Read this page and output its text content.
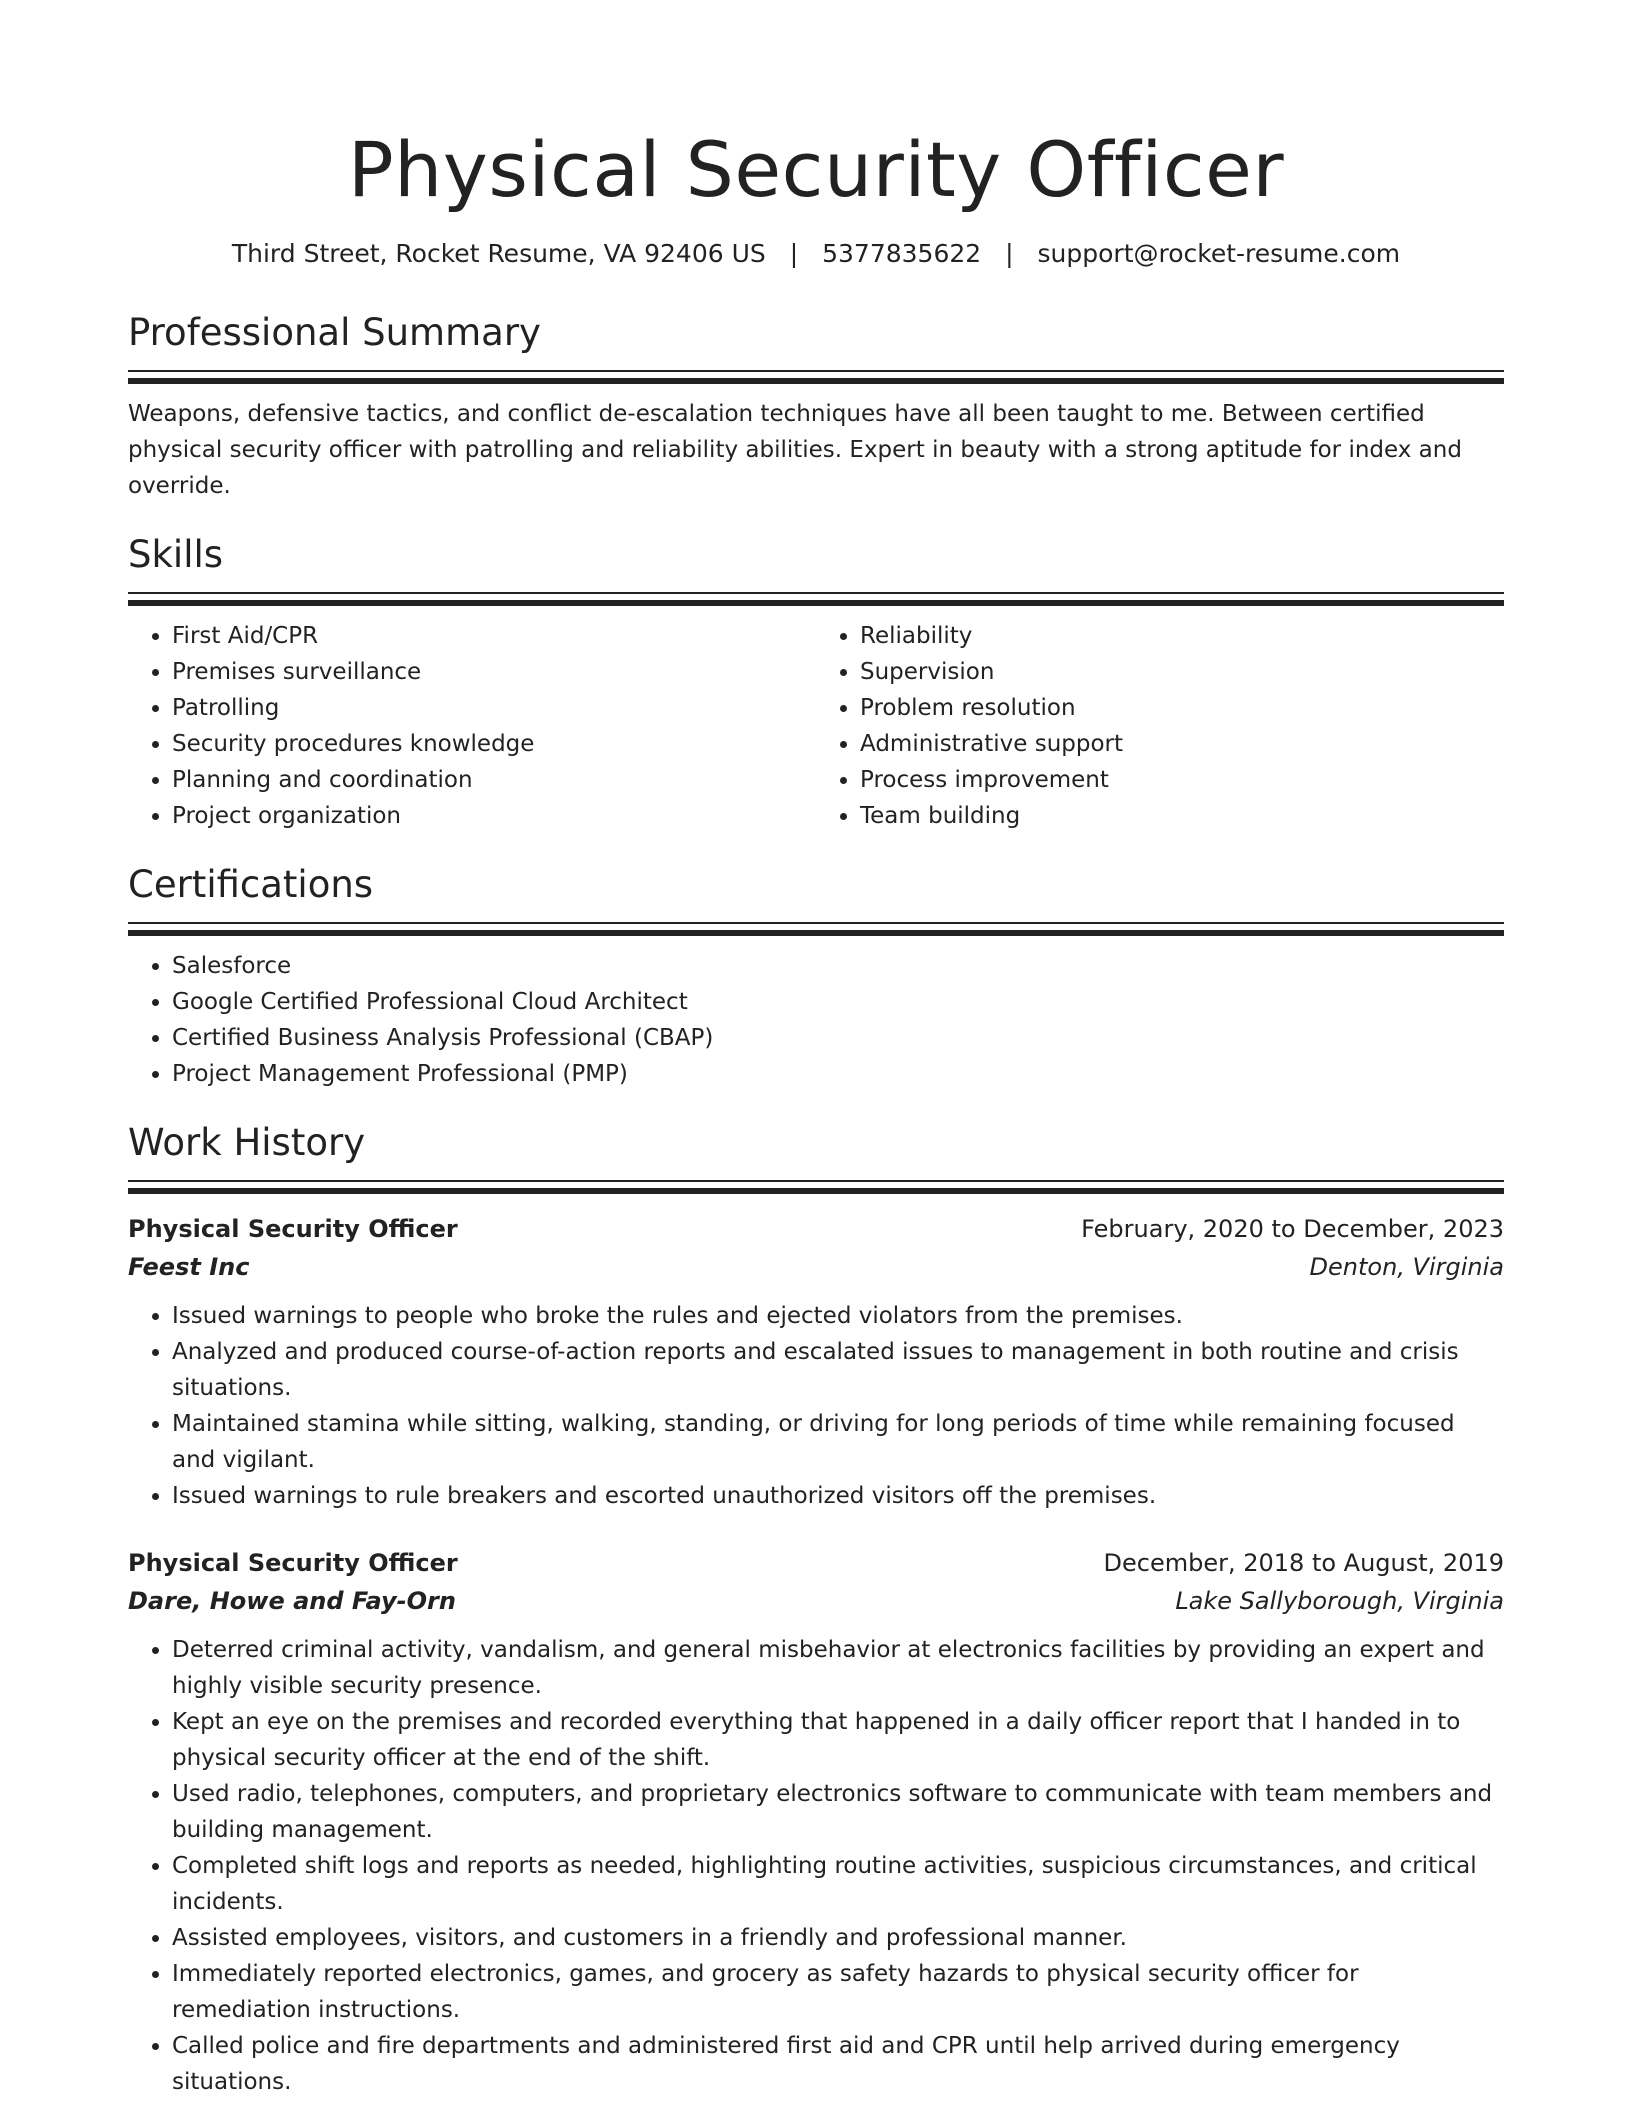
Physical Security Officer
Third Street, Rocket Resume, VA 92406 US | 5377835622 | support@rocket-resume.com
Professional Summary
Weapons, defensive tactics, and conflict de-escalation techniques have all been taught to me. Between certified physical security officer with patrolling and reliability abilities. Expert in beauty with a strong aptitude for index and override.
Skills
• First Aid/CPR
• Premises surveillance
• Patrolling
• Security procedures knowledge
• Planning and coordination
• Project organization
• Reliability
• Supervision
• Problem resolution
• Administrative support
• Process improvement
• Team building
Certifications
• Salesforce
• Google Certified Professional Cloud Architect
• Certified Business Analysis Professional (CBAP)
• Project Management Professional (PMP)
Work History
Physical Security Officer	February, 2020 to December, 2023
Feest Inc	Denton, Virginia
• Issued warnings to people who broke the rules and ejected violators from the premises.
• Analyzed and produced course-of-action reports and escalated issues to management in both routine and crisis situations.
• Maintained stamina while sitting, walking, standing, or driving for long periods of time while remaining focused and vigilant.
• Issued warnings to rule breakers and escorted unauthorized visitors off the premises.
Physical Security Officer	December, 2018 to August, 2019
Dare, Howe and Fay-Orn	Lake Sallyborough, Virginia
• Deterred criminal activity, vandalism, and general misbehavior at electronics facilities by providing an expert and highly visible security presence.
• Kept an eye on the premises and recorded everything that happened in a daily officer report that I handed in to physical security officer at the end of the shift.
• Used radio, telephones, computers, and proprietary electronics software to communicate with team members and building management.
• Completed shift logs and reports as needed, highlighting routine activities, suspicious circumstances, and critical incidents.
• Assisted employees, visitors, and customers in a friendly and professional manner.
• Immediately reported electronics, games, and grocery as safety hazards to physical security officer for remediation instructions.
• Called police and fire departments and administered first aid and CPR until help arrived during emergency situations.
